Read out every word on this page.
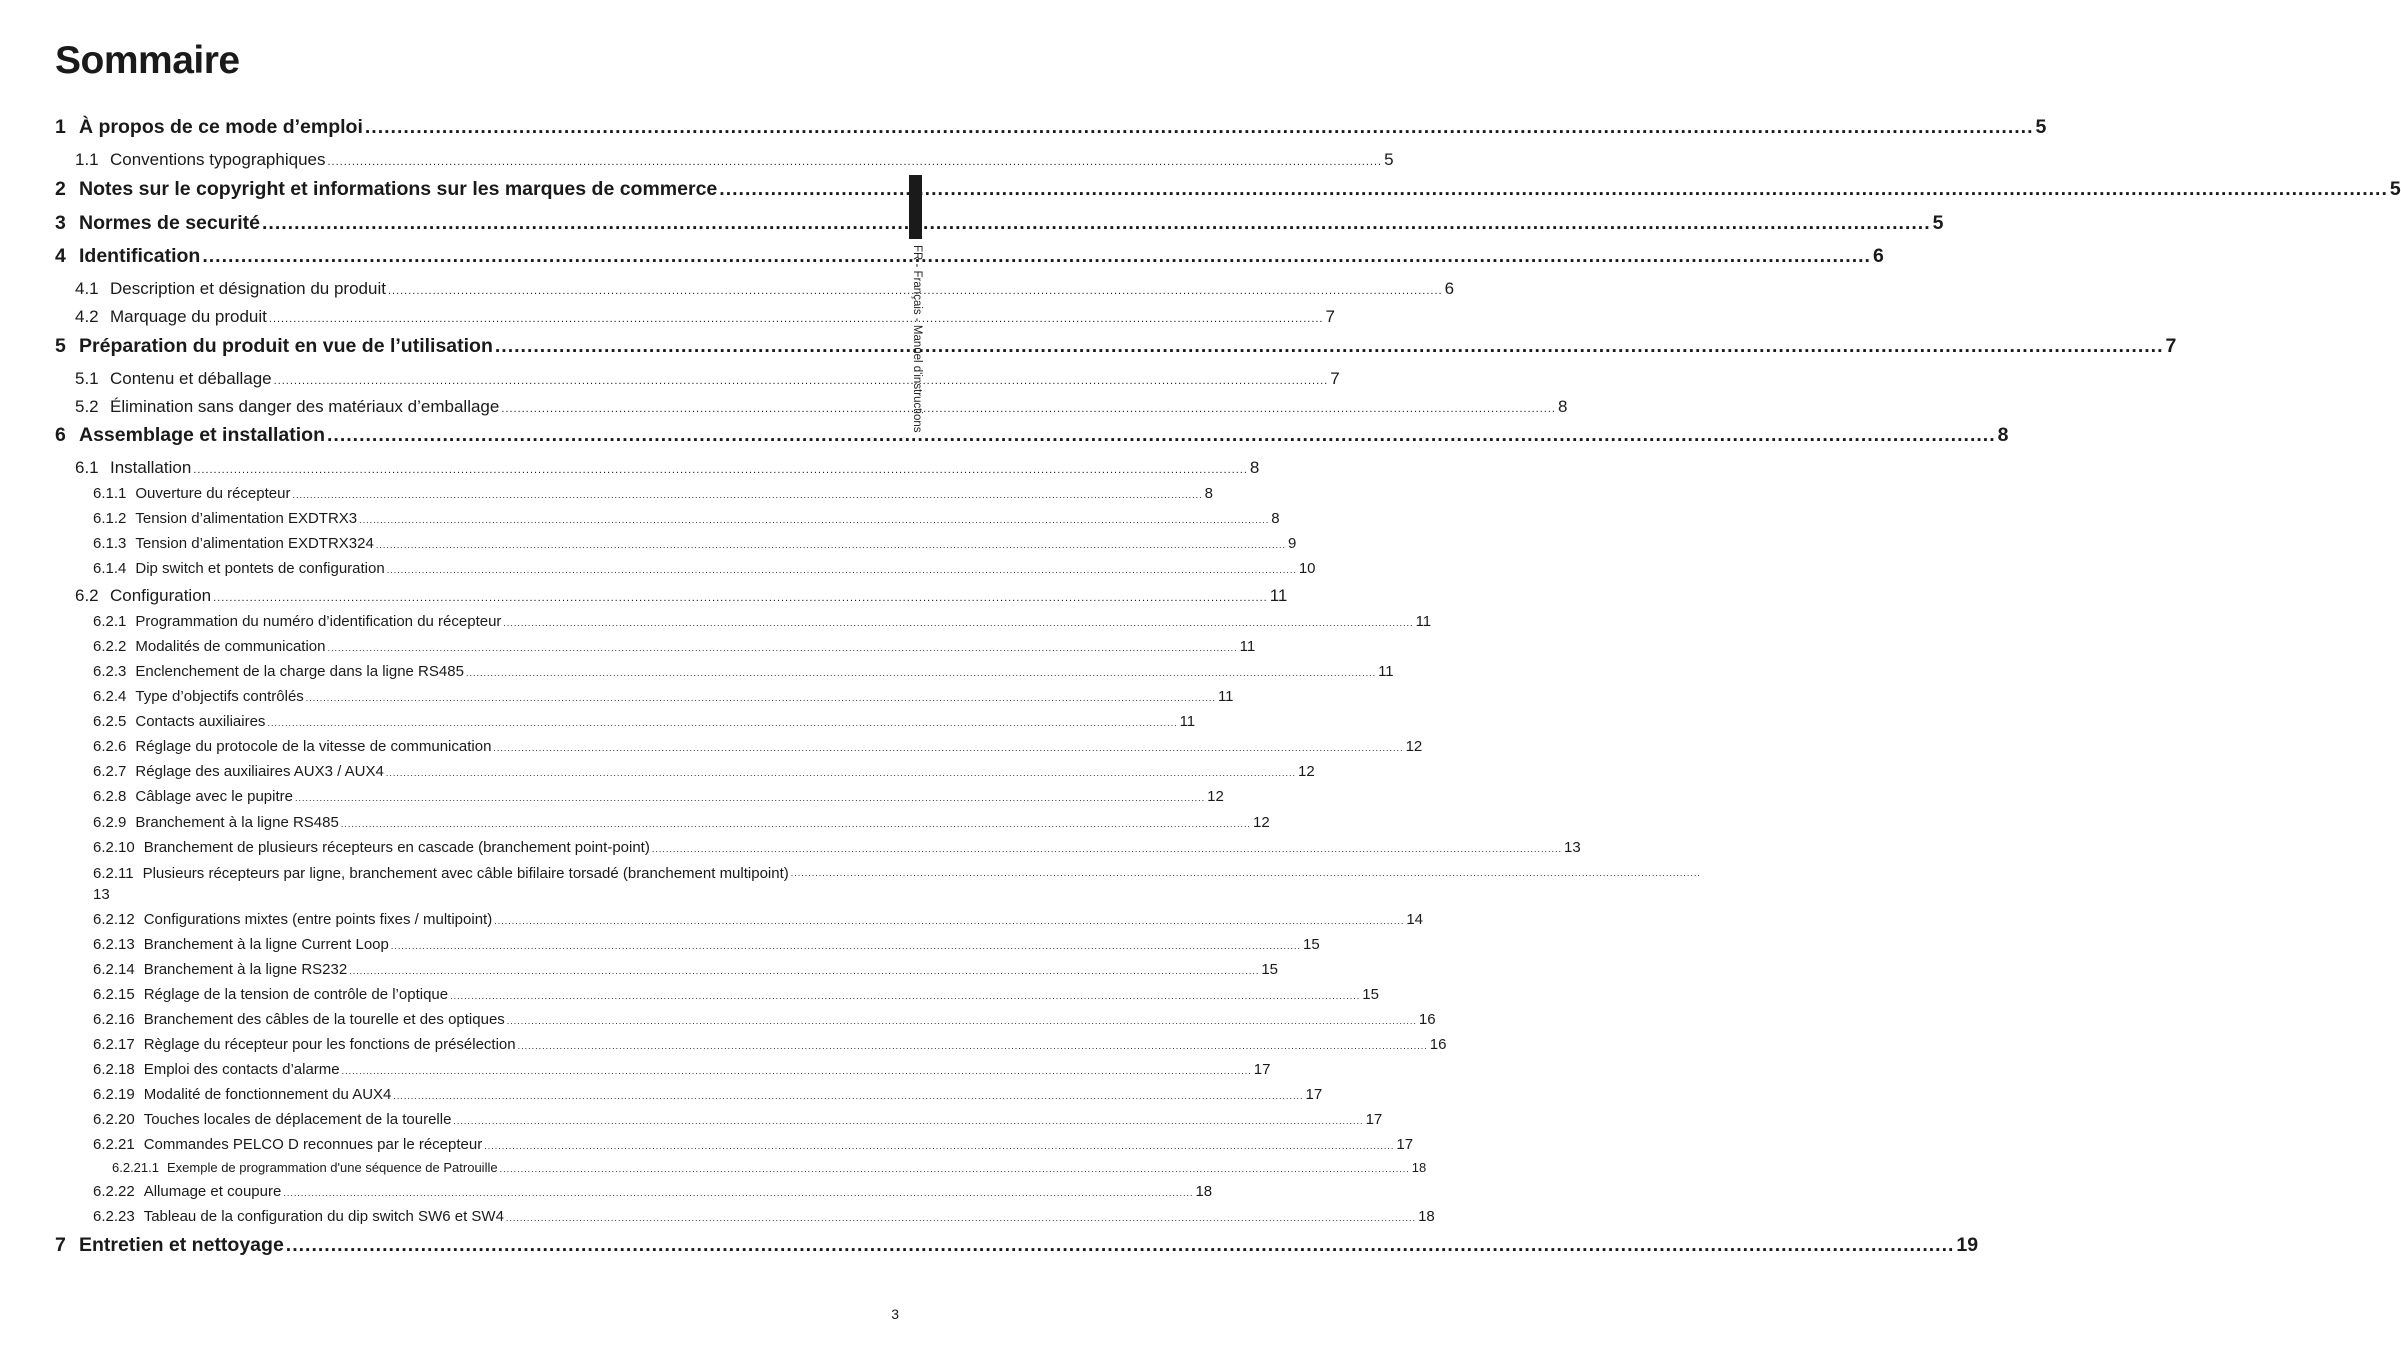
Sommaire
FR - Français - Manuel d'instructions
1 À propos de ce mode d’emploi .................................................................................................................................................................................................................................................................... 5
1.1 Conventions typographiques .................................................................................................................................................................................................................................................................... 5
2 Notes sur le copyright et informations sur les marques de commerce .................................................................................................................................................................................................................................................................... 5
3 Normes de securité .................................................................................................................................................................................................................................................................... 5
4 Identification .................................................................................................................................................................................................................................................................... 6
4.1 Description et désignation du produit .................................................................................................................................................................................................................................................................... 6
4.2 Marquage du produit .................................................................................................................................................................................................................................................................... 7
5 Préparation du produit en vue de l’utilisation .................................................................................................................................................................................................................................................................... 7
5.1 Contenu et déballage .................................................................................................................................................................................................................................................................... 7
5.2 Élimination sans danger des matériaux d’emballage .................................................................................................................................................................................................................................................................... 8
6 Assemblage et installation .................................................................................................................................................................................................................................................................... 8
6.1 Installation .................................................................................................................................................................................................................................................................... 8
6.1.1 Ouverture du récepteur .................................................................................................................................................................................................................................................................... 8
6.1.2 Tension d’alimentation EXDTRX3 .................................................................................................................................................................................................................................................................... 8
6.1.3 Tension d’alimentation EXDTRX324 .................................................................................................................................................................................................................................................................... 9
6.1.4 Dip switch et pontets de configuration .................................................................................................................................................................................................................................................................... 10
6.2 Configuration .................................................................................................................................................................................................................................................................... 11
6.2.1 Programmation du numéro d’identification du récepteur .................................................................................................................................................................................................................................................................... 11
6.2.2 Modalités de communication .................................................................................................................................................................................................................................................................... 11
6.2.3 Enclenchement de la charge dans la ligne RS485 .................................................................................................................................................................................................................................................................... 11
6.2.4 Type d’objectifs contrôlés .................................................................................................................................................................................................................................................................... 11
6.2.5 Contacts auxiliaires .................................................................................................................................................................................................................................................................... 11
6.2.6 Réglage du protocole de la vitesse de communication .................................................................................................................................................................................................................................................................... 12
6.2.7 Réglage des auxiliaires AUX3 / AUX4 .................................................................................................................................................................................................................................................................... 12
6.2.8 Câblage avec le pupitre .................................................................................................................................................................................................................................................................... 12
6.2.9 Branchement à la ligne RS485 .................................................................................................................................................................................................................................................................... 12
6.2.10 Branchement de plusieurs récepteurs en cascade (branchement point-point) .................................................................................................................................................................................................................................................................... 13
6.2.11 Plusieurs récepteurs par ligne, branchement avec câble bifilaire torsadé (branchement multipoint) ....................................................................................................................................................................................................................................................................
13
6.2.12 Configurations mixtes (entre points fixes / multipoint) .................................................................................................................................................................................................................................................................... 14
6.2.13 Branchement à la ligne Current Loop .................................................................................................................................................................................................................................................................... 15
6.2.14 Branchement à la ligne RS232 .................................................................................................................................................................................................................................................................... 15
6.2.15 Réglage de la tension de contrôle de l’optique .................................................................................................................................................................................................................................................................... 15
6.2.16 Branchement des câbles de la tourelle et des optiques .................................................................................................................................................................................................................................................................... 16
6.2.17 Règlage du récepteur pour les fonctions de présélection .................................................................................................................................................................................................................................................................... 16
6.2.18 Emploi des contacts d’alarme .................................................................................................................................................................................................................................................................... 17
6.2.19 Modalité de fonctionnement du AUX4 .................................................................................................................................................................................................................................................................... 17
6.2.20 Touches locales de déplacement de la tourelle .................................................................................................................................................................................................................................................................... 17
6.2.21 Commandes PELCO D reconnues par le récepteur .................................................................................................................................................................................................................................................................... 17
6.2.21.1 Exemple de programmation d'une séquence de Patrouille .................................................................................................................................................................................................................................................................... 18
6.2.22 Allumage et coupure .................................................................................................................................................................................................................................................................... 18
6.2.23 Tableau de la configuration du dip switch SW6 et SW4 .................................................................................................................................................................................................................................................................... 18
7 Entretien et nettoyage .................................................................................................................................................................................................................................................................... 19
3
